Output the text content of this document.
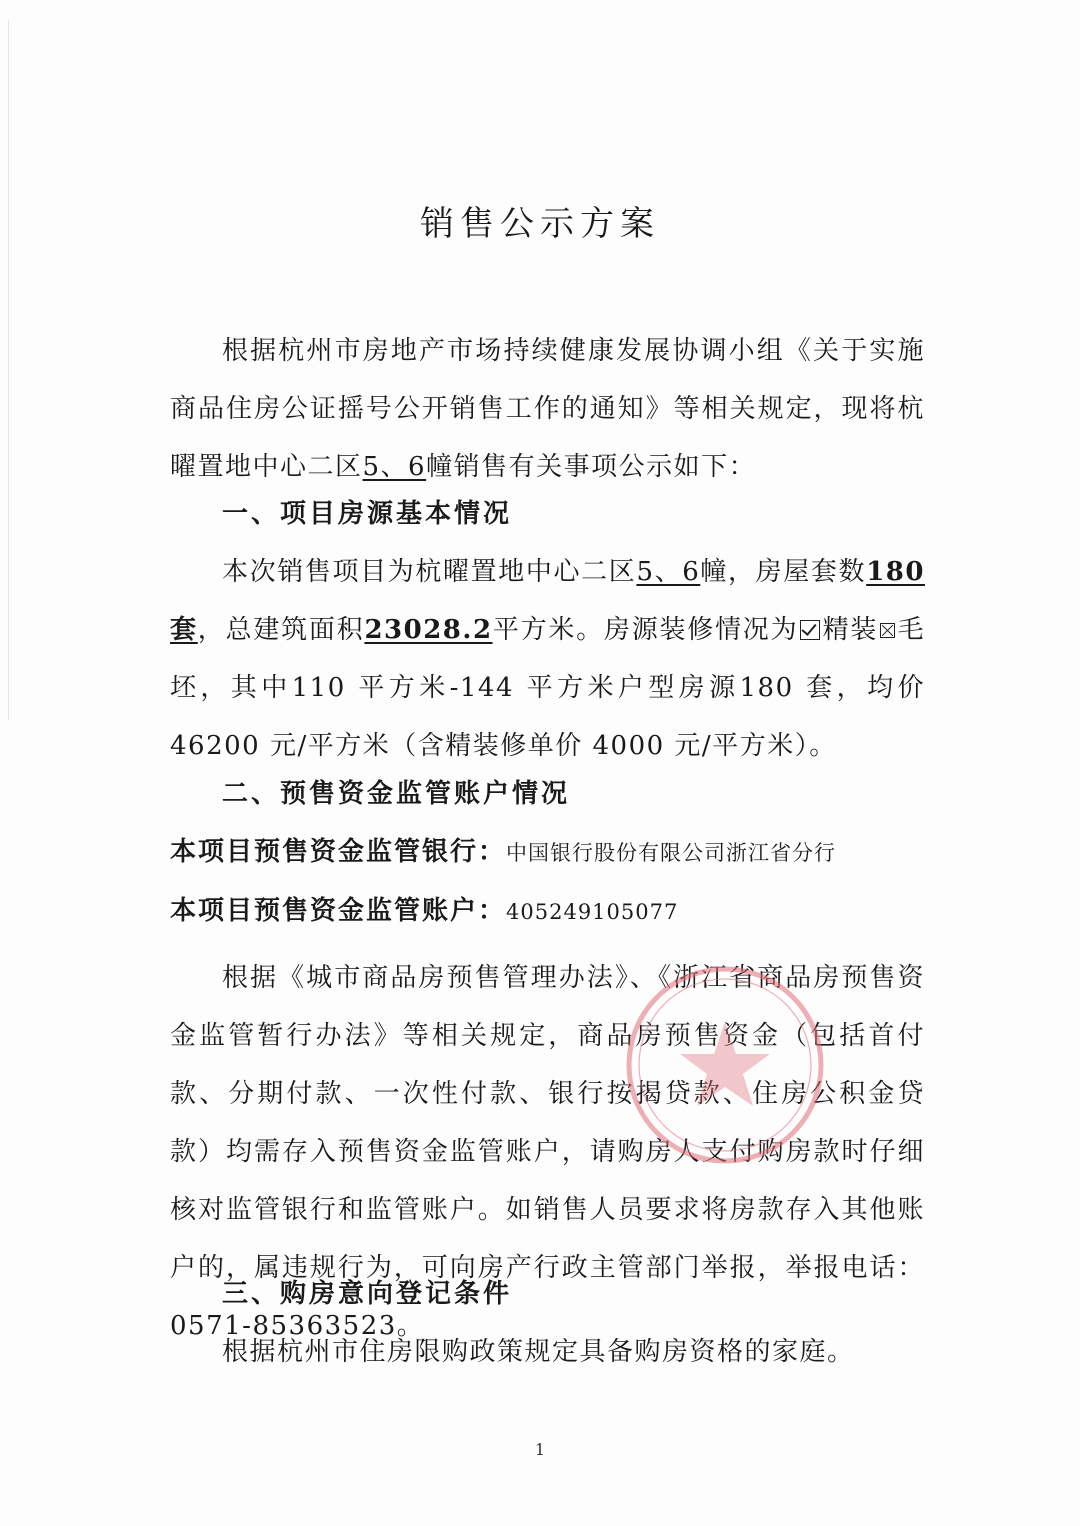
销售公示方案

根据杭州市房地产市场持续健康发展协调小组《关于实施商品住房公证摇号公开销售工作的通知》等相关规定，现将杭曜置地中心二区5、6幢销售有关事项公示如下：

一、项目房源基本情况

本次销售项目为杭曜置地中心二区5、6幢，房屋套数180 套，总建筑面积23028.2平方米。房源装修情况为 精装 毛坯，其中110 平方米-144 平方米户型房源180 套，均价 46200 元/平方米（含精装修单价 4000 元/平方米）。

二、预售资金监管账户情况

本项目预售资金监管银行：中国银行股份有限公司浙江省分行

本项目预售资金监管账户：405249105077

根据《城市商品房预售管理办法》、《浙江省商品房预售资金监管暂行办法》等相关规定，商品房预售资金（包括首付款、分期付款、一次性付款、银行按揭贷款、住房公积金贷款）均需存入预售资金监管账户，请购房人支付购房款时仔细核对监管银行和监管账户。如销售人员要求将房款存入其他账户的，属违规行为，可向房产行政主管部门举报，举报电话：0571-85363523。

三、购房意向登记条件

根据杭州市住房限购政策规定具备购房资格的家庭。

1
